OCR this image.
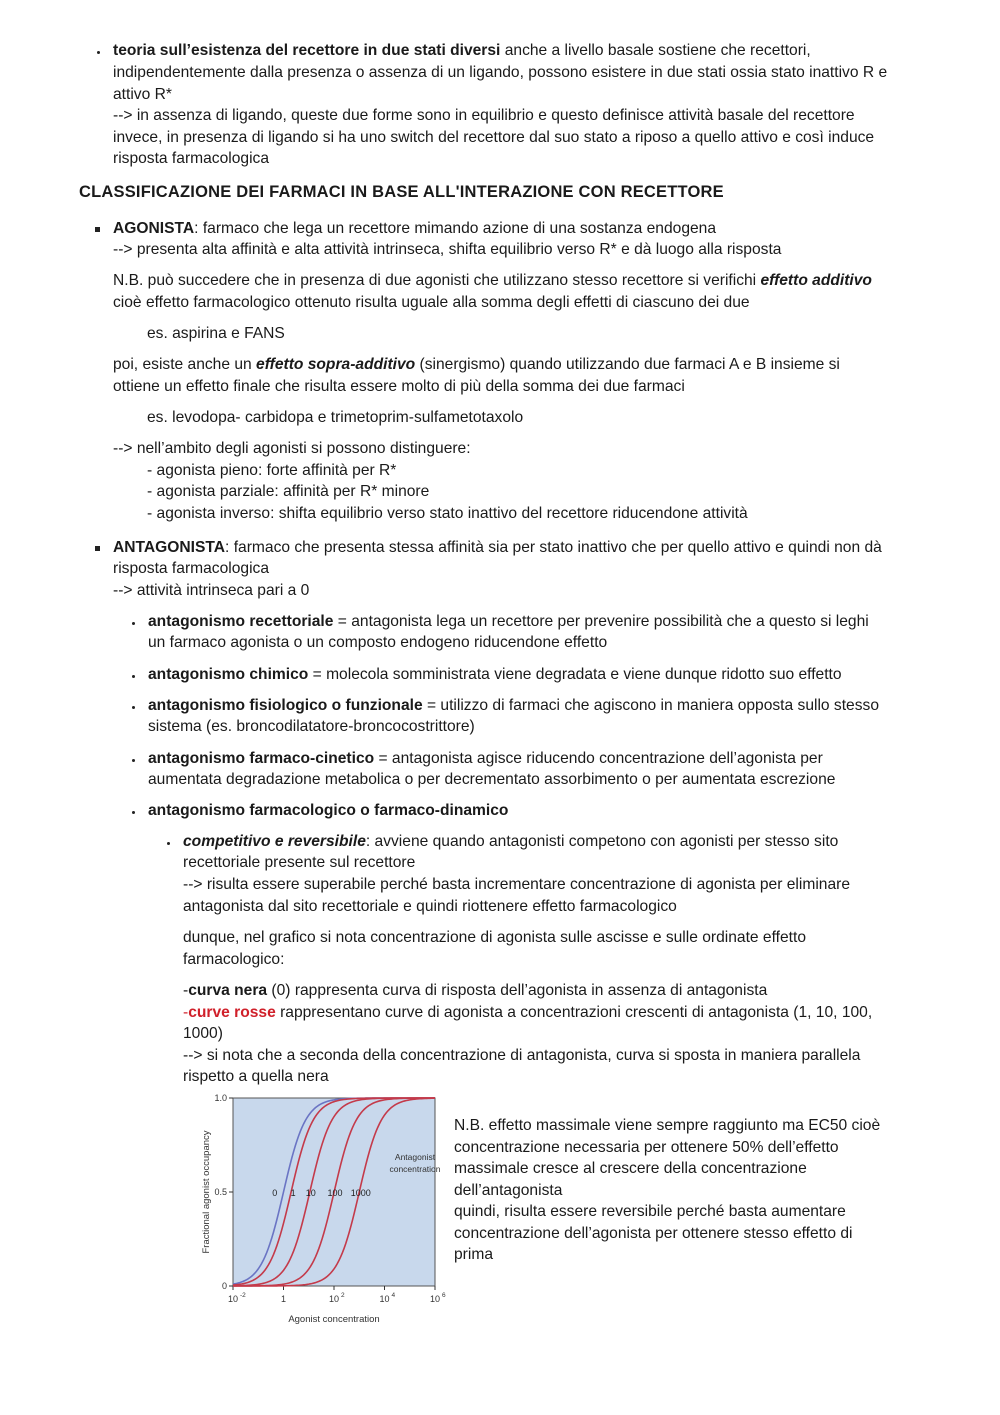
teoria sull’esistenza del recettore in due stati diversi anche a livello basale sostiene che recettori,
indipendentemente dalla presenza o assenza di un ligando, possono esistere in due stati ossia stato inattivo R e
attivo R*
--> in assenza di ligando, queste due forme sono in equilibrio e questo definisce attività basale del recettore
invece, in presenza di ligando si ha uno switch del recettore dal suo stato a riposo a quello attivo e così induce
risposta farmacologica
CLASSIFICAZIONE DEI FARMACI IN BASE ALL'INTERAZIONE CON RECETTORE
AGONISTA: farmaco che lega un recettore mimando azione di una sostanza endogena
--> presenta alta affinità e alta attività intrinseca, shifta equilibrio verso R* e dà luogo alla risposta
N.B. può succedere che in presenza di due agonisti che utilizzano stesso recettore si verifichi effetto additivo
cioè effetto farmacologico ottenuto risulta uguale alla somma degli effetti di ciascuno dei due
es. aspirina e FANS
poi, esiste anche un effetto sopra-additivo (sinergismo) quando utilizzando due farmaci A e B insieme si
ottiene un effetto finale che risulta essere molto di più della somma dei due farmaci
es. levodopa- carbidopa e trimetoprim-sulfametotaxolo
--> nell’ambito degli agonisti si possono distinguere:
- agonista pieno: forte affinità per R*
- agonista parziale: affinità per R* minore
- agonista inverso: shifta equilibrio verso stato inattivo del recettore riducendone attività
ANTAGONISTA: farmaco che presenta stessa affinità sia per stato inattivo che per quello attivo e quindi non dà
risposta farmacologica
--> attività intrinseca pari a 0
antagonismo recettoriale = antagonista lega un recettore per prevenire possibilità che a questo si leghi
un farmaco agonista o un composto endogeno riducendone effetto
antagonismo chimico = molecola somministrata viene degradata e viene dunque ridotto suo effetto
antagonismo fisiologico o funzionale = utilizzo di farmaci che agiscono in maniera opposta sullo stesso
sistema (es. broncodilatatore-broncocostrittore)
antagonismo farmaco-cinetico = antagonista agisce riducendo concentrazione dell’agonista per
aumentata degradazione metabolica o per decrementato assorbimento o per aumentata escrezione
antagonismo farmacologico o farmaco-dinamico
competitivo e reversibile: avviene quando antagonisti competono con agonisti per stesso sito
recettoriale presente sul recettore
--> risulta essere superabile perché basta incrementare concentrazione di agonista per eliminare
antagonista dal sito recettoriale e quindi riottenere effetto farmacologico
dunque, nel grafico si nota concentrazione di agonista sulle ascisse e sulle ordinate effetto
farmacologico:
-curva nera (0) rappresenta curva di risposta dell’agonista in assenza di antagonista
-curve rosse rappresentano curve di agonista a concentrazioni crescenti di antagonista (1, 10, 100,
1000)
--> si nota che a seconda della concentrazione di antagonista, curva si sposta in maniera parallela
rispetto a quella nera
0
0.5
1.0
10 -2	1	10 2	10 4	10 6
Agonist concentration
Fractional agonist occupancy	0 1 10 100 1000
Antagonist
concentration
N.B. effetto massimale viene sempre raggiunto ma EC50 cioè
concentrazione necessaria per ottenere 50% dell’effetto
massimale cresce al crescere della concentrazione
dell’antagonista
quindi, risulta essere reversibile perché basta aumentare
concentrazione dell’agonista per ottenere stesso effetto di
prima
